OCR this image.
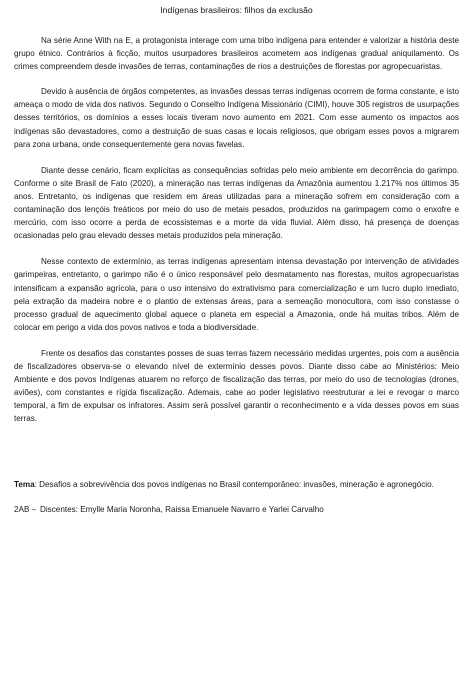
Indígenas brasileiros: filhos da exclusão

Na série Anne With na E, a protagonista interage com uma tribo indígena para entender e valorizar a história deste grupo étnico. Contrários à ficção, muitos usurpadores brasileiros acometem aos indígenas gradual aniquilamento. Os crimes compreendem desde invasões de terras, contaminações de rios a destruições de florestas por agropecuaristas.

Devido à ausência de órgãos competentes, as invasões dessas terras indígenas ocorrem de forma constante, e isto ameaça o modo de vida dos nativos. Segundo o Conselho Indígena Missionário (CIMI), houve 305 registros de usurpações desses territórios, os domínios a esses locais tiveram novo aumento em 2021. Com esse aumento os impactos aos indígenas são devastadores, como a destruição de suas casas e locais religiosos, que obrigam esses povos a migrarem para zona urbana, onde consequentemente gera novas favelas.

Diante desse cenário, ficam explícitas as consequências sofridas pelo meio ambiente em decorrência do garimpo. Conforme o site Brasil de Fato (2020), a mineração nas terras indígenas da Amazônia aumentou 1.217% nos últimos 35 anos. Entretanto, os indígenas que residem em áreas utilizadas para a mineração sofrem em consideração com a contaminação dos lençóis freáticos por meio do uso de metais pesados, produzidos na garimpagem como o enxofre e mercúrio, com isso ocorre a perda de ecossistemas e a morte da vida fluvial. Além disso, há presença de doenças ocasionadas pelo grau elevado desses metais produzidos pela mineração.

Nesse contexto de extermínio, as terras indígenas apresentam intensa devastação por intervenção de atividades garimpeiras, entretanto, o garimpo não é o único responsável pelo desmatamento nas florestas, muitos agropecuaristas intensificam a expansão agrícola, para o uso intensivo do extrativismo para comercialização e um lucro duplo imediato, pela extração da madeira nobre e o plantio de extensas áreas, para a semeação monocultora, com isso constasse o processo gradual de aquecimento global aquece o planeta em especial a Amazonia, onde há muitas tribos. Além de colocar em perigo a vida dos povos nativos e toda a biodiversidade.

Frente os desafios das constantes posses de suas terras fazem necessário medidas urgentes, pois com a ausência de fiscalizadores observa-se o elevando nível de extermínio desses povos. Diante disso cabe ao Ministérios: Meio Ambiente e dos povos Indígenas atuarem no reforço de fiscalização das terras, por meio do uso de tecnologias (drones, aviões), com constantes e rígida fiscalização. Ademais, cabe ao poder legislativo reestruturar a lei e revogar o marco temporal, a fim de expulsar os infratores. Assim será possível garantir o reconhecimento e a vida desses povos em suas terras.

Tema: Desafios a sobrevivência dos povos indígenas no Brasil contemporâneo: invasões, mineração e agronegócio.

2AB – Discentes: Emylle Maria Noronha, Raissa Emanuele Navarro e Yarlei Carvalho
